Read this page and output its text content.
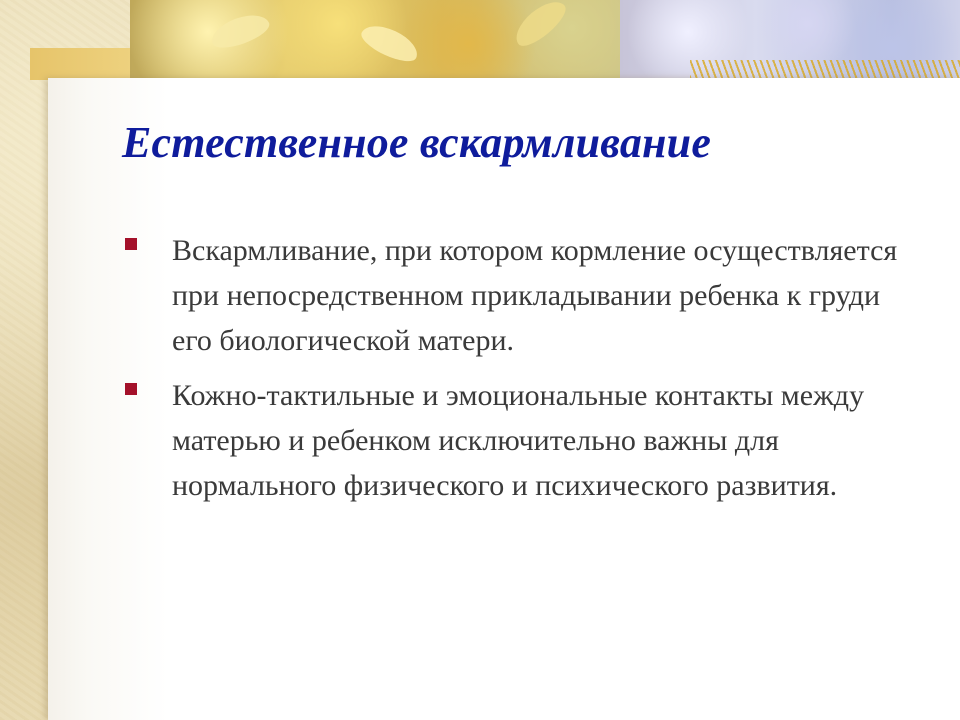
Естественное вскармливание
Вскармливание, при котором кормление осуществляется при непосредственном прикладывании ребенка к груди его биологической матери.
Кожно-тактильные и эмоциональные контакты между матерью и ребенком исключительно важны для нормального физического и психического развития.
